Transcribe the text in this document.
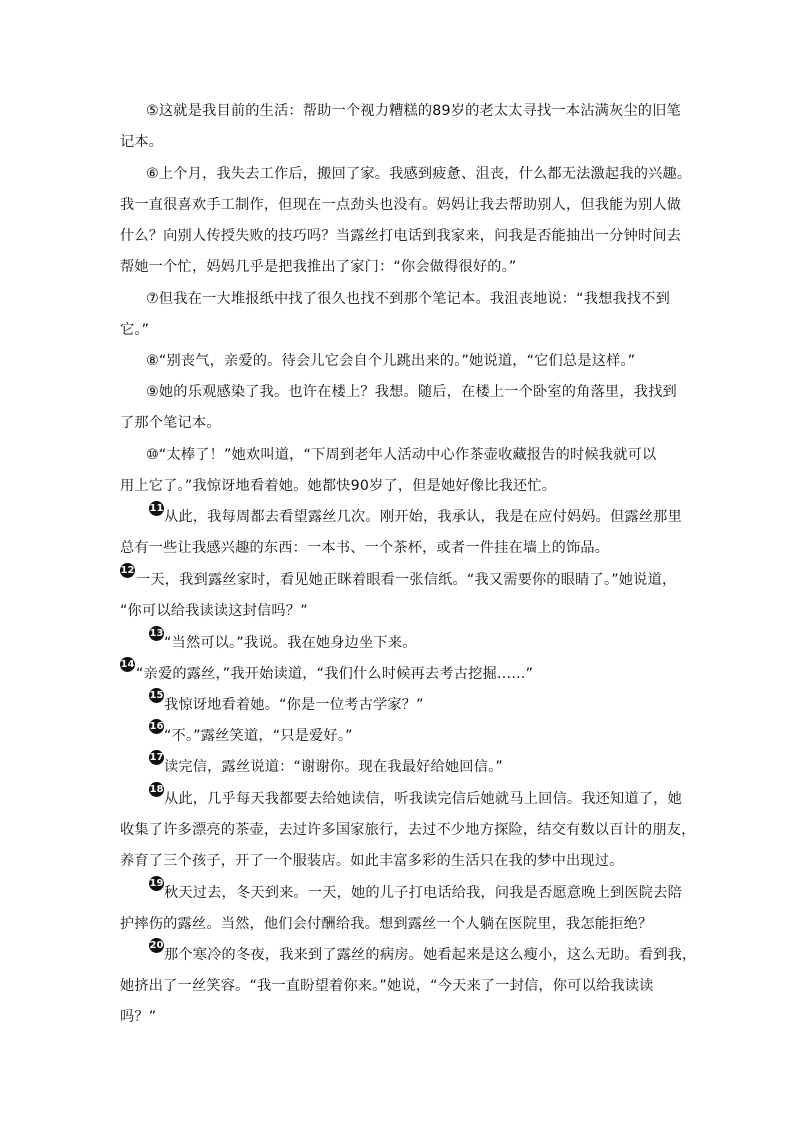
⑤这就是我目前的生活：帮助一个视力糟糕的89岁的老太太寻找一本沾满灰尘的旧笔
记本。
⑥上个月，我失去工作后，搬回了家。我感到疲惫、沮丧，什么都无法激起我的兴趣。
我一直很喜欢手工制作，但现在一点劲头也没有。妈妈让我去帮助别人，但我能为别人做
什么？向别人传授失败的技巧吗？当露丝打电话到我家来，问我是否能抽出一分钟时间去
帮她一个忙，妈妈几乎是把我推出了家门：“你会做得很好的。”
⑦但我在一大堆报纸中找了很久也找不到那个笔记本。我沮丧地说：“我想我找不到
它。”
⑧“别丧气，亲爱的。待会儿它会自个儿跳出来的。”她说道，“它们总是这样。”
⑨她的乐观感染了我。也许在楼上？我想。随后，在楼上一个卧室的角落里，我找到
了那个笔记本。
⑩“太棒了！”她欢叫道，“下周到老年人活动中心作茶壶收藏报告的时候我就可以
用上它了。”我惊讶地看着她。她都快90岁了，但是她好像比我还忙。
11
从此，我每周都去看望露丝几次。刚开始，我承认，我是在应付妈妈。但露丝那里
总有一些让我感兴趣的东西：一本书、一个茶杯，或者一件挂在墙上的饰品。
12
一天，我到露丝家时，看见她正眯着眼看一张信纸。“我又需要你的眼睛了。”她说道，
“你可以给我读读这封信吗？”
13
“当然可以。”我说。我在她身边坐下来。
14
“亲爱的露丝，”我开始读道，“我们什么时候再去考古挖掘……”
15
我惊讶地看着她。“你是一位考古学家？”
16
“不。”露丝笑道，“只是爱好。”
17
读完信，露丝说道：“谢谢你。现在我最好给她回信。”
18
从此，几乎每天我都要去给她读信，听我读完信后她就马上回信。我还知道了，她
收集了许多漂亮的茶壶，去过许多国家旅行，去过不少地方探险，结交有数以百计的朋友，
养育了三个孩子，开了一个服装店。如此丰富多彩的生活只在我的梦中出现过。
19
秋天过去，冬天到来。一天，她的儿子打电话给我，问我是否愿意晚上到医院去陪
护摔伤的露丝。当然，他们会付酬给我。想到露丝一个人躺在医院里，我怎能拒绝？
20
那个寒冷的冬夜，我来到了露丝的病房。她看起来是这么瘦小，这么无助。看到我，
她挤出了一丝笑容。“我一直盼望着你来。”她说，“今天来了一封信，你可以给我读读
吗？”
